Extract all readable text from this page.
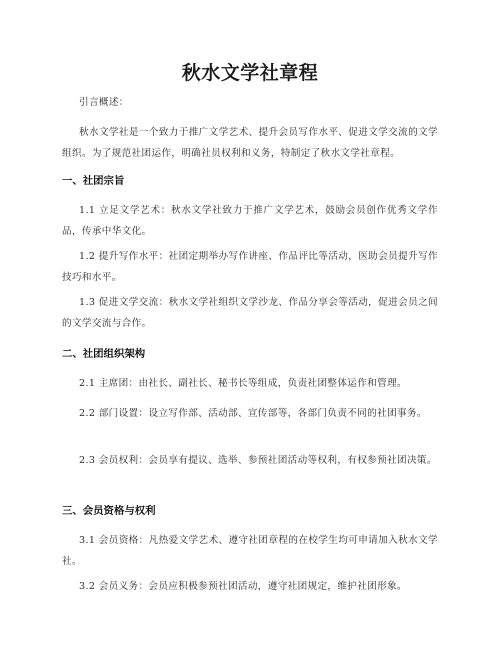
秋水文学社章程
引言概述：
秋水文学社是一个致力于推广文学艺术、提升会员写作水平、促进文学交流的文学组织。为了规范社团运作，明确社员权利和义务，特制定了秋水文学社章程。
一、社团宗旨
1.1 立足文学艺术：秋水文学社致力于推广文学艺术，鼓励会员创作优秀文学作品，传承中华文化。
1.2 提升写作水平：社团定期举办写作讲座、作品评比等活动，医助会员提升写作技巧和水平。
1.3 促进文学交流：秋水文学社组织文学沙龙、作品分享会等活动，促进会员之间的文学交流与合作。
二、社团组织架构
2.1 主席团：由社长、副社长、秘书长等组成，负责社团整体运作和管理。
2.2 部门设置：设立写作部、活动部、宣传部等，各部门负责不同的社团事务。
2.3 会员权利：会员享有提议、选举、参预社团活动等权利，有权参预社团决策。
三、会员资格与权利
3.1 会员资格：凡热爱文学艺术、遵守社团章程的在校学生均可申请加入秋水文学社。
3.2 会员义务：会员应积极参预社团活动，遵守社团规定，维护社团形象。
